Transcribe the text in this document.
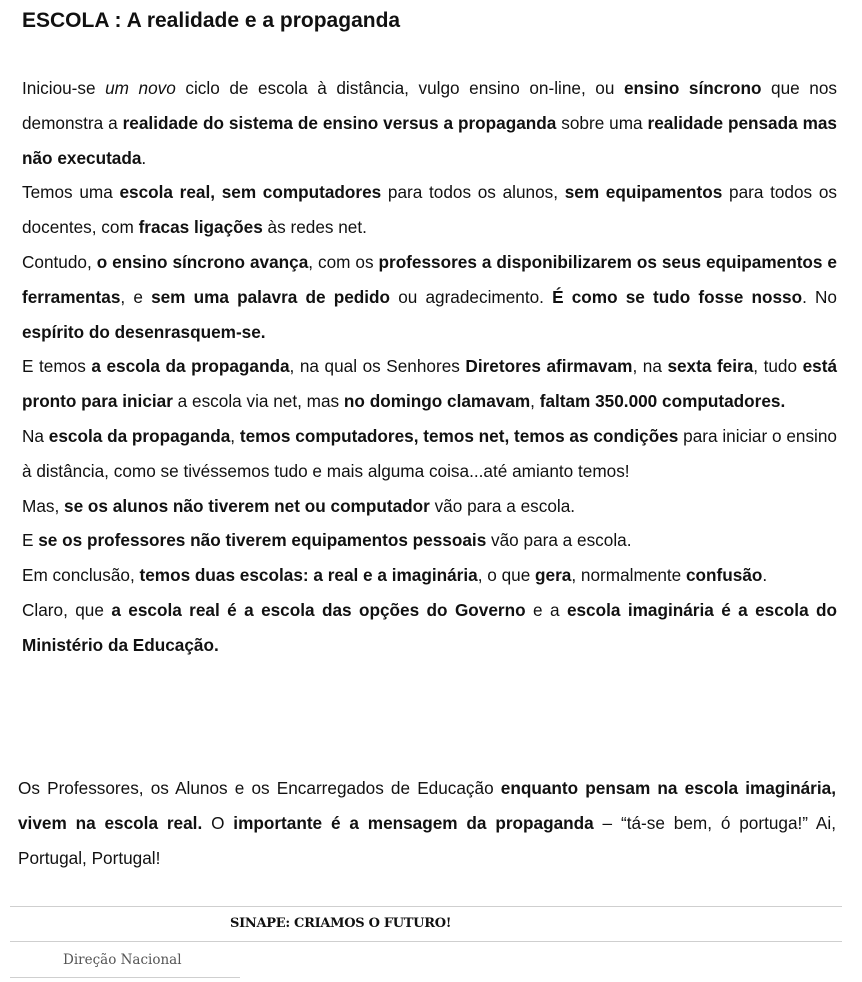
ESCOLA : A realidade e a propaganda

Iniciou-se um novo ciclo de escola à distância, vulgo ensino on-line, ou ensino síncrono que nos demonstra a realidade do sistema de ensino versus a propaganda sobre uma realidade pensada mas não executada.

Temos uma escola real, sem computadores para todos os alunos, sem equipamentos para todos os docentes, com fracas ligações às redes net.

Contudo, o ensino síncrono avança, com os professores a disponibilizarem os seus equipamentos e ferramentas, e sem uma palavra de pedido ou agradecimento. É como se tudo fosse nosso. No espírito do desenrasquem-se.

E temos a escola da propaganda, na qual os Senhores Diretores afirmavam, na sexta feira, tudo está pronto para iniciar a escola via net, mas no domingo clamavam, faltam 350.000 computadores.

Na escola da propaganda, temos computadores, temos net, temos as condições para iniciar o ensino à distância, como se tivéssemos tudo e mais alguma coisa...até amianto temos!

Mas, se os alunos não tiverem net ou computador vão para a escola.

E se os professores não tiverem equipamentos pessoais vão para a escola.

Em conclusão, temos duas escolas: a real e a imaginária, o que gera, normalmente confusão.

Claro, que a escola real é a escola das opções do Governo e a escola imaginária é a escola do Ministério da Educação.

Os Professores, os Alunos e os Encarregados de Educação enquanto pensam na escola imaginária, vivem na escola real. O importante é a mensagem da propaganda – “tá-se bem, ó portuga!” Ai, Portugal, Portugal!

SINAPE: CRIAMOS O FUTURO!
Direção Nacional
